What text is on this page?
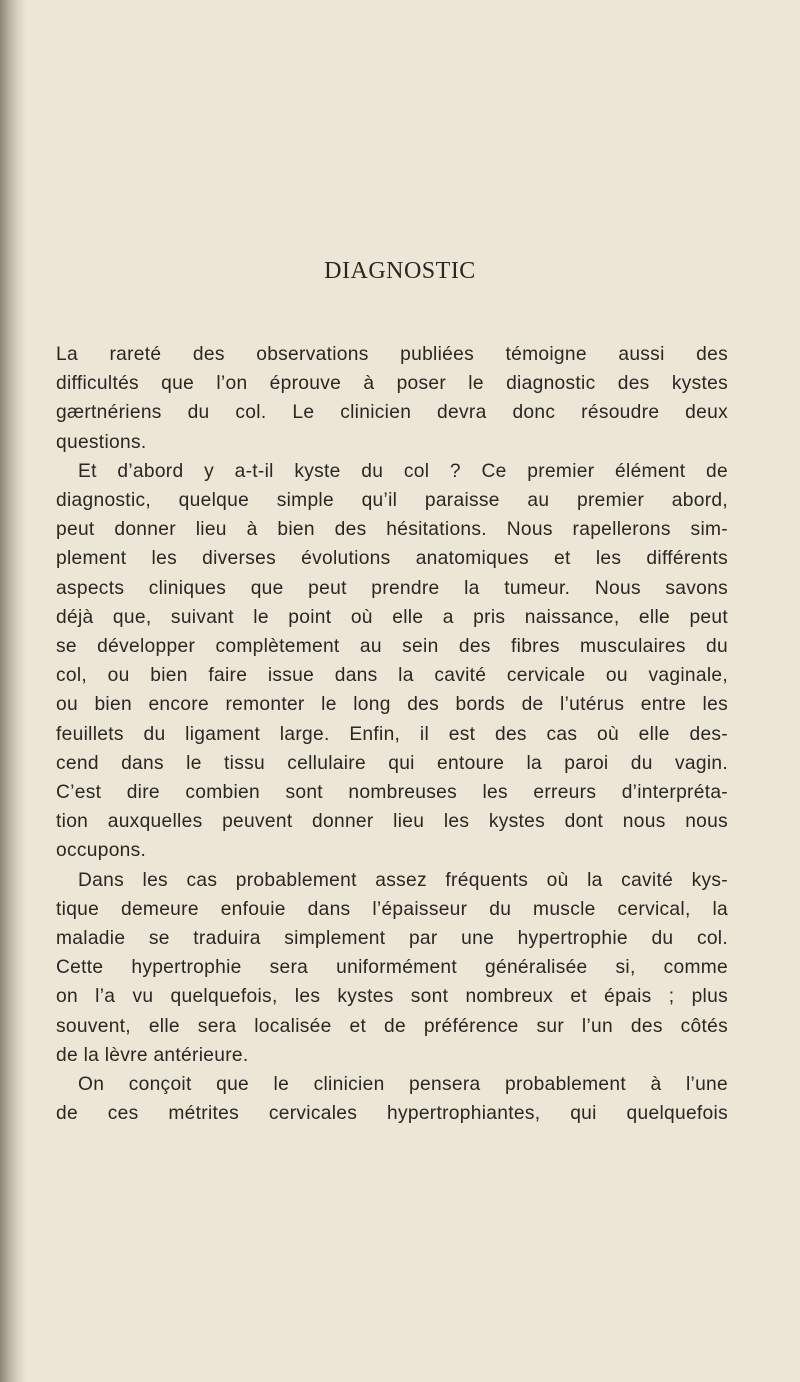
DIAGNOSTIC
La rareté des observations publiées témoigne aussi des
difficultés que l’on éprouve à poser le diagnostic des kystes
gærtnériens du col. Le clinicien devra donc résoudre deux
questions.
Et d’abord y a-t-il kyste du col ? Ce premier élément de
diagnostic, quelque simple qu’il paraisse au premier abord,
peut donner lieu à bien des hésitations. Nous rapellerons sim-
plement les diverses évolutions anatomiques et les différents
aspects cliniques que peut prendre la tumeur. Nous savons
déjà que, suivant le point où elle a pris naissance, elle peut
se développer complètement au sein des fibres musculaires du
col, ou bien faire issue dans la cavité cervicale ou vaginale,
ou bien encore remonter le long des bords de l’utérus entre les
feuillets du ligament large. Enfin, il est des cas où elle des-
cend dans le tissu cellulaire qui entoure la paroi du vagin.
C’est dire combien sont nombreuses les erreurs d’interpréta-
tion auxquelles peuvent donner lieu les kystes dont nous nous
occupons.
Dans les cas probablement assez fréquents où la cavité kys-
tique demeure enfouie dans l’épaisseur du muscle cervical, la
maladie se traduira simplement par une hypertrophie du col.
Cette hypertrophie sera uniformément généralisée si, comme
on l’a vu quelquefois, les kystes sont nombreux et épais ; plus
souvent, elle sera localisée et de préférence sur l’un des côtés
de la lèvre antérieure.
On conçoit que le clinicien pensera probablement à l’une
de ces métrites cervicales hypertrophiantes, qui quelquefois
